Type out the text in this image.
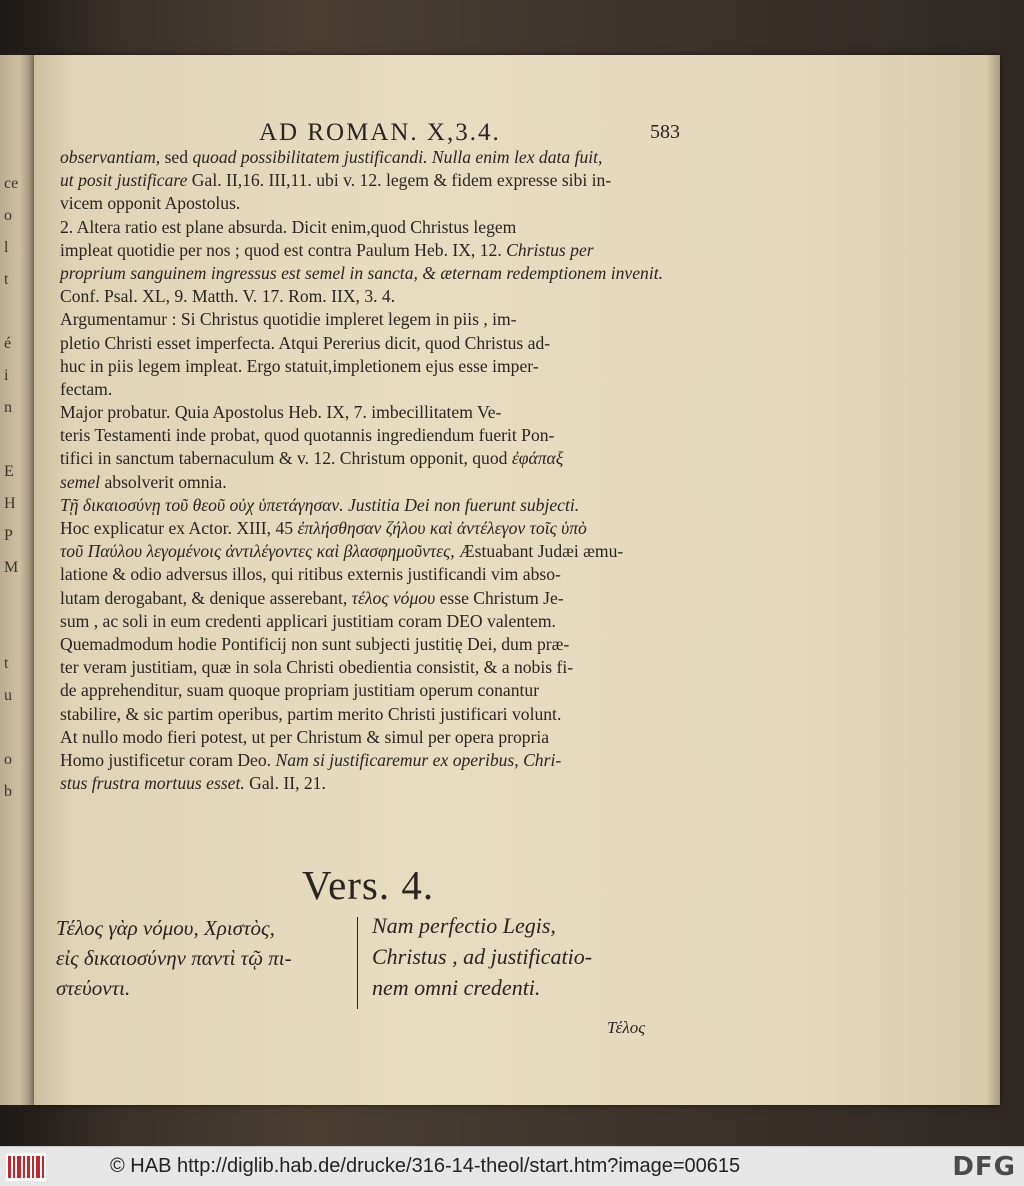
ce
o
l
t
é
i
n
E
H
P
M
t
u
o
b
AD ROMAN. X,3.4.	583
observantiam, sed quoad possibilitatem justificandi. Nulla enim lex data fuit,
ut posit justificare Gal. II,16. III,11. ubi v. 12. legem & fidem expresse sibi in-
vicem opponit Apostolus.
2. Altera ratio est plane absurda. Dicit enim,quod Christus legem
impleat quotidie per nos ; quod est contra Paulum Heb. IX, 12. Christus per
proprium sanguinem ingressus est semel in sancta, & æternam redemptionem invenit.
Conf. Psal. XL, 9. Matth. V. 17. Rom. IIX, 3. 4.
Argumentamur : Si Christus quotidie impleret legem in piis , im-
pletio Christi esset imperfecta. Atqui Pererius dicit, quod Christus ad-
huc in piis legem impleat. Ergo statuit,impletionem ejus esse imper-
fectam.
Major probatur. Quia Apostolus Heb. IX, 7. imbecillitatem Ve-
teris Testamenti inde probat, quod quotannis ingrediendum fuerit Pon-
tifici in sanctum tabernaculum & v. 12. Christum opponit, quod ἐφάπαξ
semel absolverit omnia.
Τῇ δικαιοσύνῃ τοῦ θεοῦ οὐχ ὑπετάγησαν. Justitia Dei non fuerunt subjecti.
Hoc explicatur ex Actor. XIII, 45 ἐπλήσθησαν ζήλου καὶ ἀντέλεγον τοῖς ὑπὸ
τοῦ Παύλου λεγομένοις ἀντιλέγοντες καὶ βλασφημοῦντες, Æstuabant Judæi æmu-
latione & odio adversus illos, qui ritibus externis justificandi vim abso-
lutam derogabant, & denique asserebant, τέλος νόμου esse Christum Je-
sum , ac soli in eum credenti applicari justitiam coram DEO valentem.
Quemadmodum hodie Pontificij non sunt subjecti justitię Dei, dum præ-
ter veram justitiam, quæ in sola Christi obedientia consistit, & a nobis fi-
de apprehenditur, suam quoque propriam justitiam operum conantur
stabilire, & sic partim operibus, partim merito Christi justificari volunt.
At nullo modo fieri potest, ut per Christum & simul per opera propria
Homo justificetur coram Deo. Nam si justificaremur ex operibus, Chri-
stus frustra mortuus esset. Gal. II, 21.
Vers. 4.
Τέλος γὰρ νόμου, Χριστὸς,
εἰς δικαιοσύνην παντὶ τῷ πι-
στεύοντι.
Nam perfectio Legis,
Christus , ad justificatio-
nem omni credenti.
Τέλος
© HAB http://diglib.hab.de/drucke/316-14-theol/start.htm?image=00615	DFG
